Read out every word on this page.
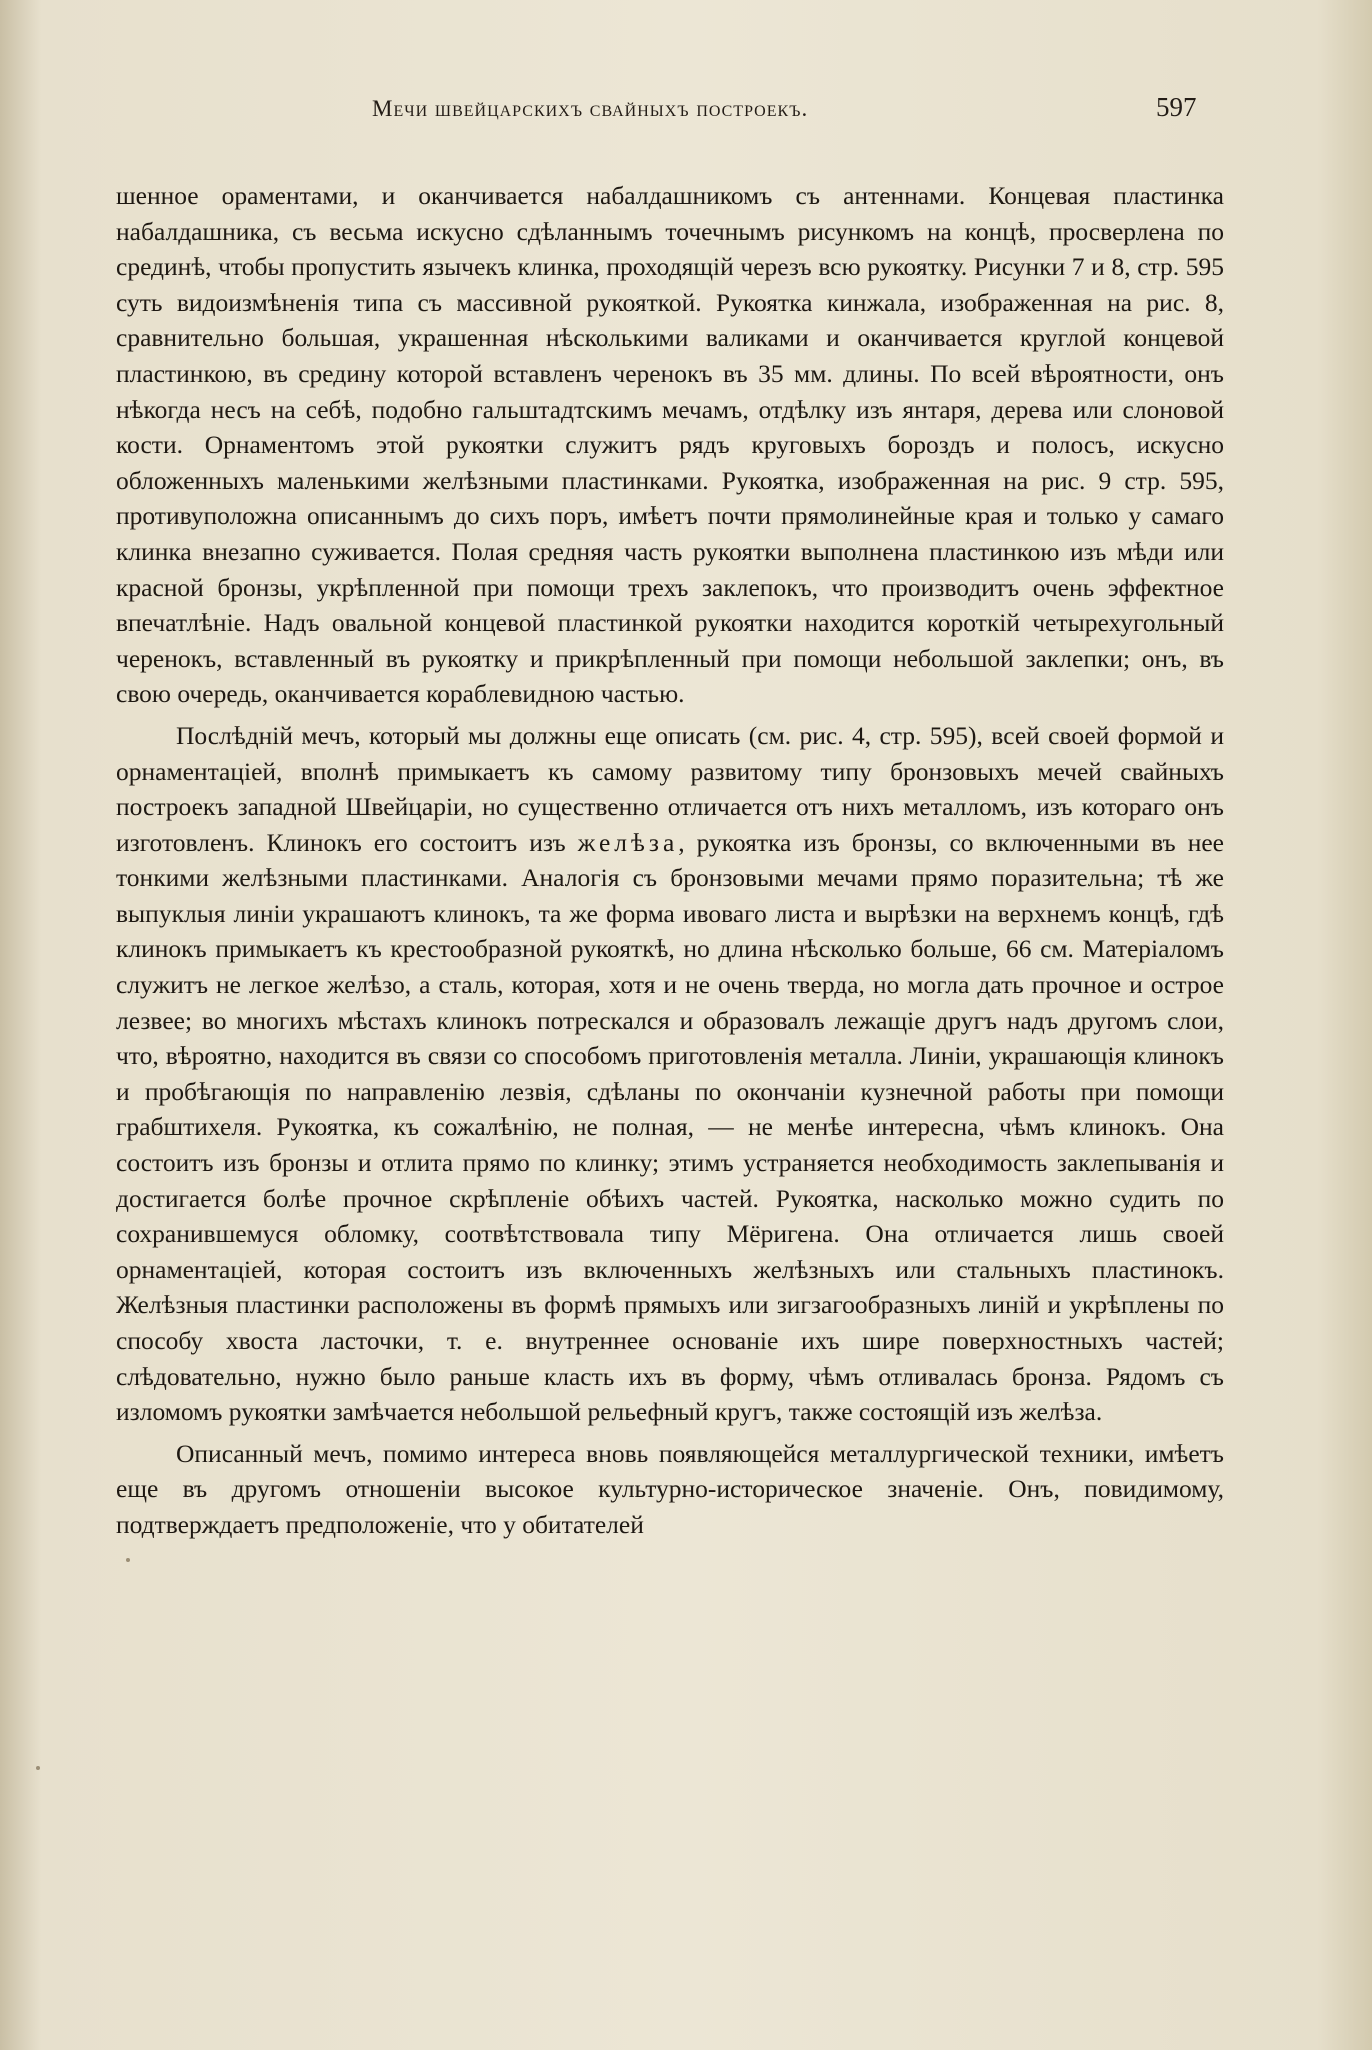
Мечи швейцарскихъ свайныхъ построекъ.	597

шенное ораментами, и оканчивается набалдашникомъ съ антеннами. Концевая пластинка набалдашника, съ весьма искусно сдѣланнымъ точечнымъ рисункомъ на концѣ, просверлена по срединѣ, чтобы пропустить язычекъ клинка, проходящій черезъ всю рукоятку. Рисунки 7 и 8, стр. 595 суть видоизмѣненія типа съ массивной рукояткой. Рукоятка кинжала, изображенная на рис. 8, сравнительно большая, украшенная нѣсколькими валиками и оканчивается круглой концевой пластинкою, въ средину которой вставленъ черенокъ въ 35 мм. длины. По всей вѣроятности, онъ нѣкогда несъ на себѣ, подобно гальштадтскимъ мечамъ, отдѣлку изъ янтаря, дерева или слоновой кости. Орнаментомъ этой рукоятки служитъ рядъ круговыхъ бороздъ и полосъ, искусно обложенныхъ маленькими желѣзными пластинками. Рукоятка, изображенная на рис. 9 стр. 595, противуположна описаннымъ до сихъ поръ, имѣетъ почти прямолинейные края и только у самаго клинка внезапно суживается. Полая средняя часть рукоятки выполнена пластинкою изъ мѣди или красной бронзы, укрѣпленной при помощи трехъ заклепокъ, что производитъ очень эффектное впечатлѣніе. Надъ овальной концевой пластинкой рукоятки находится короткій четырехугольный черенокъ, вставленный въ рукоятку и прикрѣпленный при помощи небольшой заклепки; онъ, въ свою очередь, оканчивается кораблевидною частью.

Послѣдній мечъ, который мы должны еще описать (см. рис. 4, стр. 595), всей своей формой и орнаментаціей, вполнѣ примыкаетъ къ самому развитому типу бронзовыхъ мечей свайныхъ построекъ западной Швейцаріи, но существенно отличается отъ нихъ металломъ, изъ котораго онъ изготовленъ. Клинокъ его состоитъ изъ желѣза, рукоятка изъ бронзы, со включенными въ нее тонкими желѣзными пластинками. Аналогія съ бронзовыми мечами прямо поразительна; тѣ же выпуклыя линіи украшаютъ клинокъ, та же форма ивоваго листа и вырѣзки на верхнемъ концѣ, гдѣ клинокъ примыкаетъ къ крестообразной рукояткѣ, но длина нѣсколько больше, 66 см. Матеріаломъ служитъ не легкое желѣзо, а сталь, которая, хотя и не очень тверда, но могла дать прочное и острое лезвее; во многихъ мѣстахъ клинокъ потрескался и образовалъ лежащіе другъ надъ другомъ слои, что, вѣроятно, находится въ связи со способомъ приготовленія металла. Линіи, украшающія клинокъ и пробѣгающія по направленію лезвія, сдѣланы по окончаніи кузнечной работы при помощи грабштихеля. Рукоятка, къ сожалѣнію, не полная, — не менѣе интересна, чѣмъ клинокъ. Она состоитъ изъ бронзы и отлита прямо по клинку; этимъ устраняется необходимость заклепыванія и достигается болѣе прочное скрѣпленіе обѣихъ частей. Рукоятка, насколько можно судить по сохранившемуся обломку, соотвѣтствовала типу Мёригена. Она отличается лишь своей орнаментаціей, которая состоитъ изъ включенныхъ желѣзныхъ или стальныхъ пластинокъ. Желѣзныя пластинки расположены въ формѣ прямыхъ или зигзагообразныхъ линій и укрѣплены по способу хвоста ласточки, т. е. внутреннее основаніе ихъ шире поверхностныхъ частей; слѣдовательно, нужно было раньше класть ихъ въ форму, чѣмъ отливалась бронза. Рядомъ съ изломомъ рукоятки замѣчается небольшой рельефный кругъ, также состоящій изъ желѣза.

Описанный мечъ, помимо интереса вновь появляющейся металлургической техники, имѣетъ еще въ другомъ отношеніи высокое культурно-историческое значеніе. Онъ, повидимому, подтверждаетъ предположеніе, что у обитателей
